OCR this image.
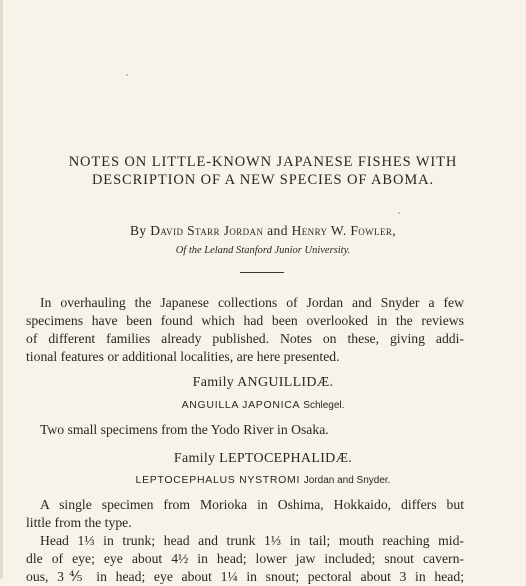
NOTES ON LITTLE-KNOWN JAPANESE FISHES WITH
DESCRIPTION OF A NEW SPECIES OF ABOMA.
By David Starr Jordan and Henry W. Fowler,
Of the Leland Stanford Junior University.
In overhauling the Japanese collections of Jordan and Snyder a few
specimens have been found which had been overlooked in the reviews
of different families already published. Notes on these, giving addi-
tional features or additional localities, are here presented.
Family ANGUILLIDÆ.
ANGUILLA JAPONICA Schlegel.
Two small specimens from the Yodo River in Osaka.
Family LEPTOCEPHALIDÆ.
LEPTOCEPHALUS NYSTROMI Jordan and Snyder.
A single specimen from Morioka in Oshima, Hokkaido, differs but
little from the type.
Head 1⅓ in trunk; head and trunk 1⅓ in tail; mouth reaching mid-
dle of eye; eye about 4½ in head; lower jaw included; snout cavern-
ous, 3⅘ in head; eye about 1¼ in snout; pectoral about 3 in head;
